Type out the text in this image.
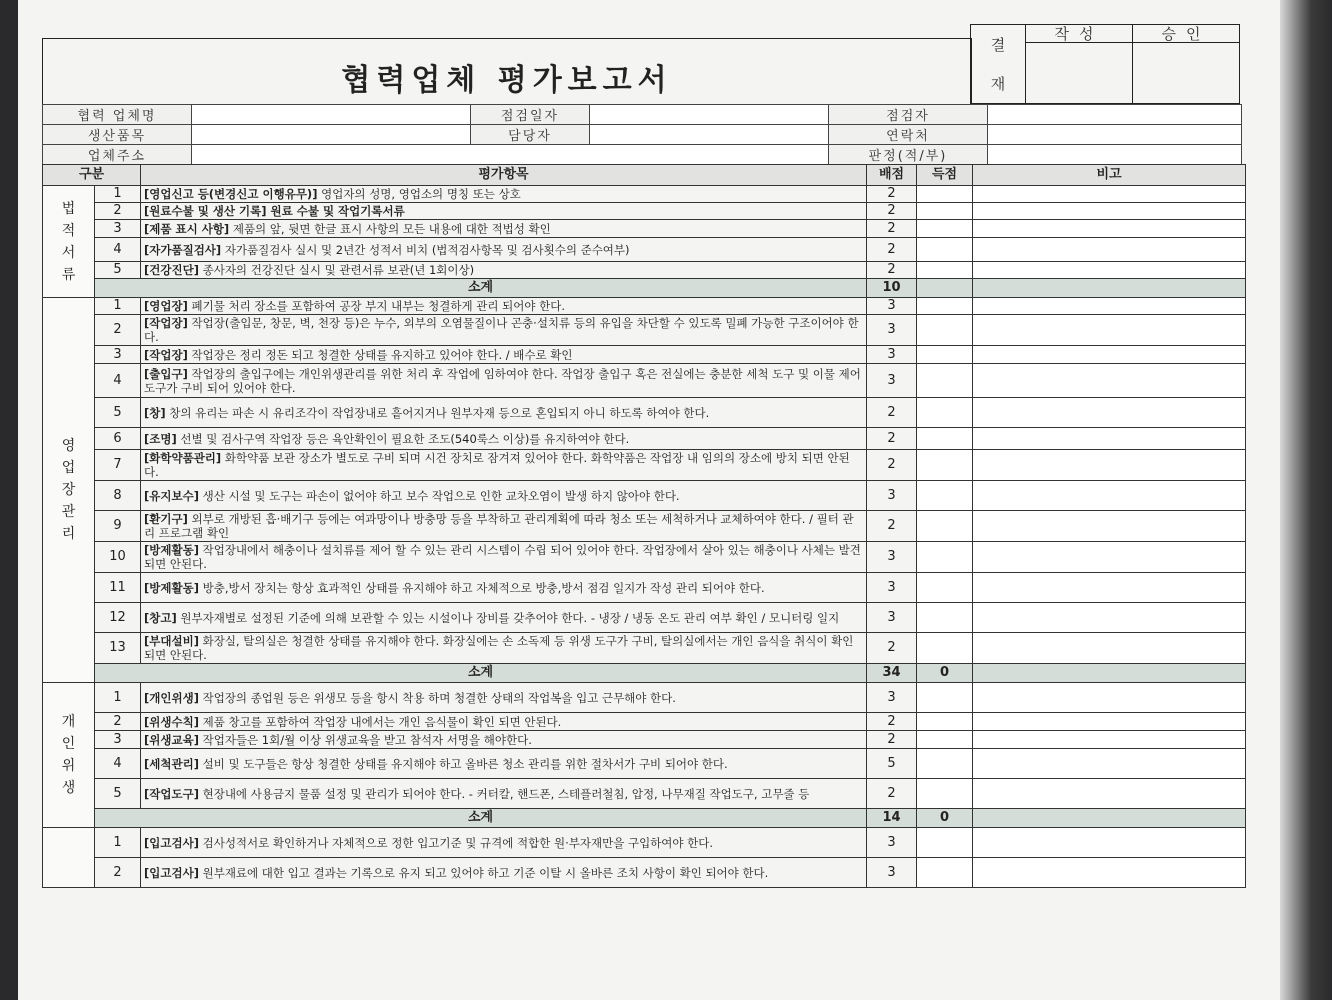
협력업체 평가보고서
결
재
작성	승인
협력 업체명		점검일자		점검자	
생산품목		담당자		연락처	
업체주소				판정(적/부)	
구분		평가항목	배점	득점	비고
법
적
서
류	1	[영업신고 등(변경신고 이행유무)] 영업자의 성명, 영업소의 명칭 또는 상호	2		
	2	[원료수불 및 생산 기록] 원료 수불 및 작업기록서류	2		
	3	[제품 표시 사항] 제품의 앞, 뒷면 한글 표시 사항의 모든 내용에 대한 적법성 확인	2		
	4	[자가품질검사] 자가품질검사 실시 및 2년간 성적서 비치 (법적검사항목 및 검사횟수의 준수여부)	2		
	5	[건강진단] 종사자의 건강진단 실시 및 관련서류 보관(년 1회이상)	2		
	소계		10		
영
업
장
관
리	1	[영업장] 폐기물 처리 장소를 포함하여 공장 부지 내부는 청결하게 관리 되어야 한다.	3		
	2	[작업장] 작업장(출입문, 창문, 벽, 천장 등)은 누수, 외부의 오염물질이나 곤충·설치류 등의 유입을 차단할 수 있도록 밀폐 가능한 구조이어야 한다.	3		
	3	[작업장] 작업장은 정리 정돈 되고 청결한 상태를 유지하고 있어야 한다. / 배수로 확인	3		
	4	[출입구] 작업장의 출입구에는 개인위생관리를 위한 처리 후 작업에 임하여야 한다. 작업장 출입구 혹은 전실에는 충분한 세척 도구 및 이물 제어 도구가 구비 되어 있어야 한다.	3		
	5	[창] 창의 유리는 파손 시 유리조각이 작업장내로 흩어지거나 원부자재 등으로 혼입되지 아니 하도록 하여야 한다.	2		
	6	[조명] 선별 및 검사구역 작업장 등은 육안확인이 필요한 조도(540룩스 이상)를 유지하여야 한다.	2		
	7	[화학약품관리] 화학약품 보관 장소가 별도로 구비 되며 시건 장치로 잠겨져 있어야 한다. 화학약품은 작업장 내 임의의 장소에 방치 되면 안된다.	2		
	8	[유지보수] 생산 시설 및 도구는 파손이 없어야 하고 보수 작업으로 인한 교차오염이 발생 하지 않아야 한다.	3		
	9	[환기구] 외부로 개방된 흡·배기구 등에는 여과망이나 방충망 등을 부착하고 관리계획에 따라 청소 또는 세척하거나 교체하여야 한다. / 필터 관리 프로그램 확인	2		
	10	[방제활동] 작업장내에서 해충이나 설치류를 제어 할 수 있는 관리 시스템이 수립 되어 있어야 한다. 작업장에서 살아 있는 해충이나 사체는 발견 되면 안된다.	3		
	11	[방제활동] 방충,방서 장치는 항상 효과적인 상태를 유지해야 하고 자체적으로 방충,방서 점검 일지가 작성 관리 되어야 한다.	3		
	12	[창고] 원부자재별로 설정된 기준에 의해 보관할 수 있는 시설이나 장비를 갖추어야 한다. - 냉장 / 냉동 온도 관리 여부 확인 / 모니터링 일지	3		
	13	[부대설비] 화장실, 탈의실은 청결한 상태를 유지해야 한다. 화장실에는 손 소독제 등 위생 도구가 구비, 탈의실에서는 개인 음식을 취식이 확인 되면 안된다.	2		
	소계		34	0	
개
인
위
생	1	[개인위생] 작업장의 종업원 등은 위생모 등을 항시 착용 하며 청결한 상태의 작업복을 입고 근무해야 한다.	3		
	2	[위생수칙] 제품 창고를 포함하여 작업장 내에서는 개인 음식물이 확인 되면 안된다.	2		
	3	[위생교육] 작업자들은 1회/월 이상 위생교육을 받고 참석자 서명을 해야한다.	2		
	4	[세척관리] 설비 및 도구들은 항상 청결한 상태를 유지해야 하고 올바른 청소 관리를 위한 절차서가 구비 되어야 한다.	5		
	5	[작업도구] 현장내에 사용금지 물품 설정 및 관리가 되어야 한다. - 커터칼, 핸드폰, 스테플러철침, 압정, 나무재질 작업도구, 고무줄 등	2		
	소계		14	0	
	1	[입고검사] 검사성적서로 확인하거나 자체적으로 정한 입고기준 및 규격에 적합한 원·부자재만을 구입하여야 한다.	3		
	2	[입고검사] 원부재료에 대한 입고 결과는 기록으로 유지 되고 있어야 하고 기준 이탈 시 올바른 조치 사항이 확인 되어야 한다.	3		
